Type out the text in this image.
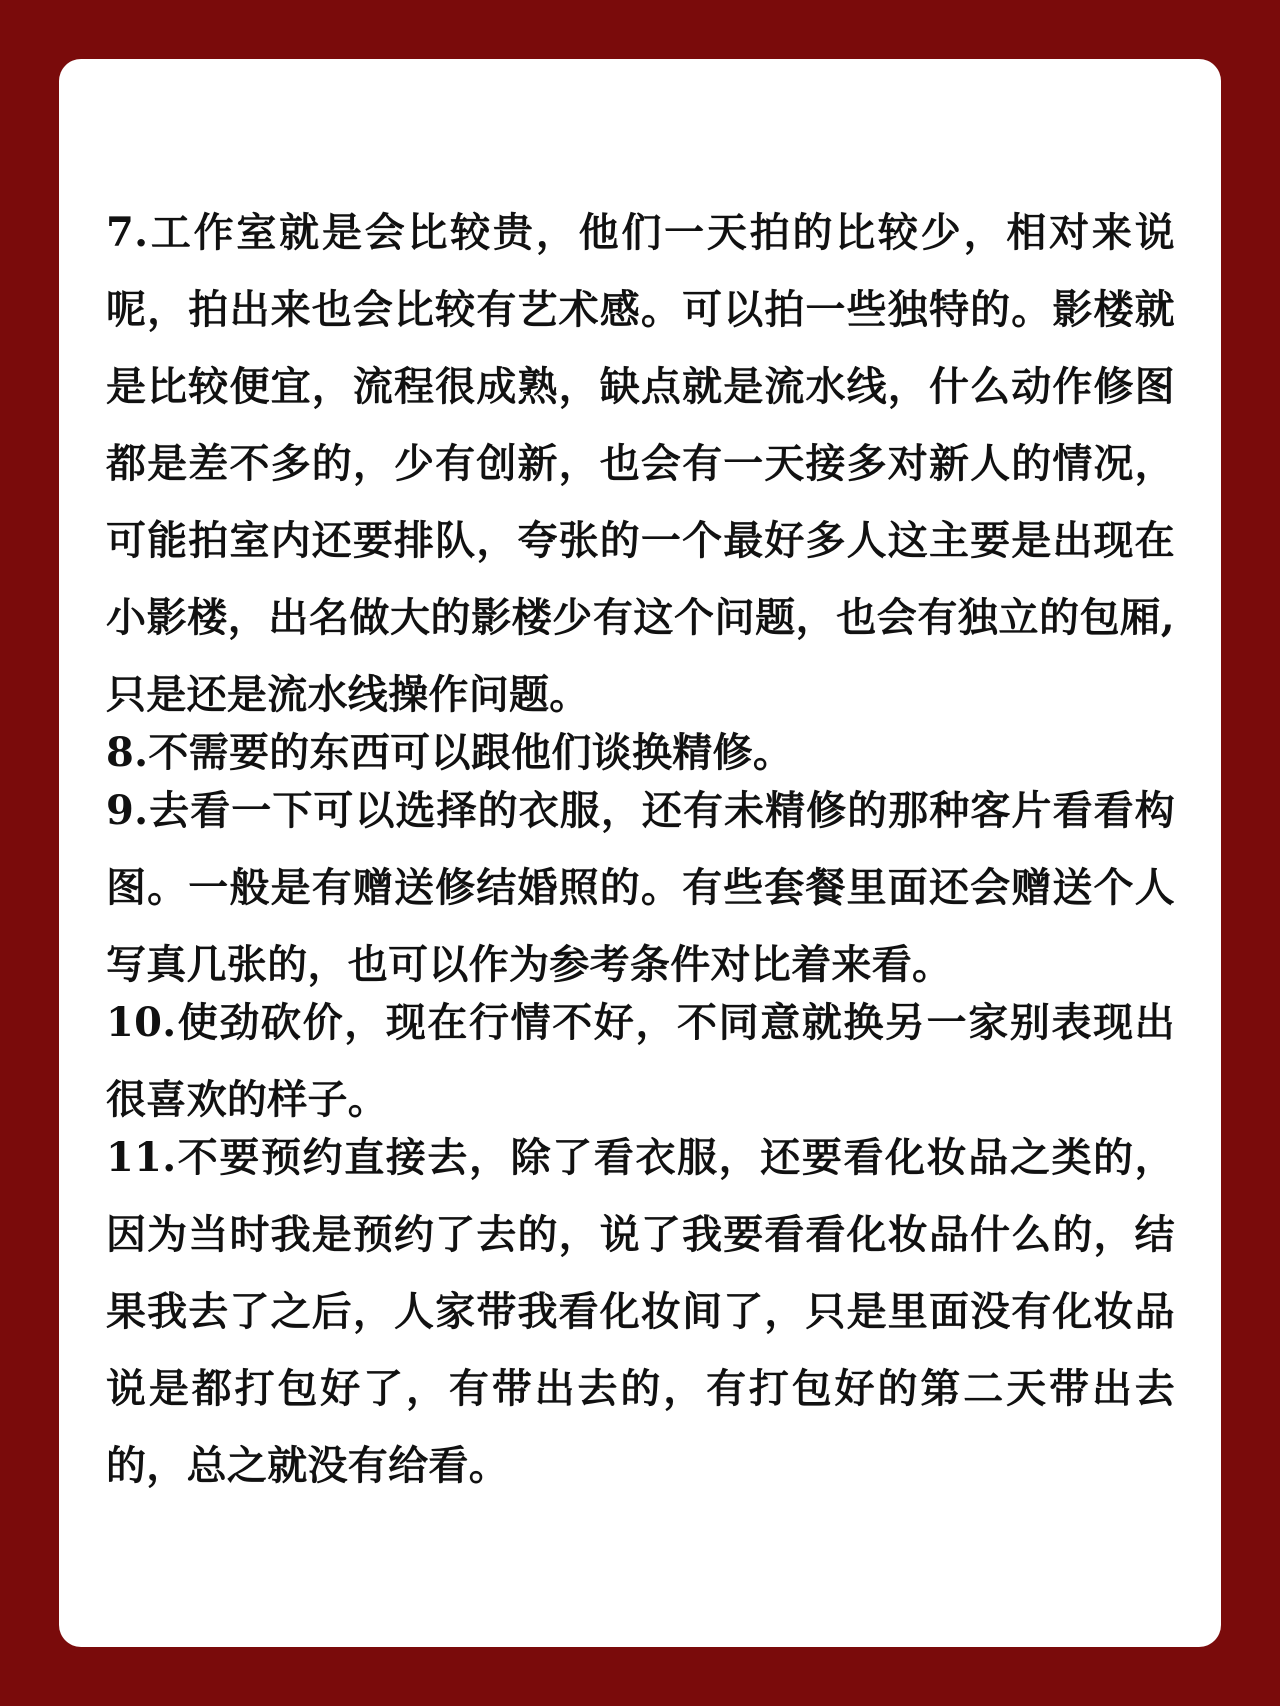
7.工作室就是会比较贵，他们一天拍的比较少，相对来说呢，拍出来也会比较有艺术感。可以拍一些独特的。影楼就是比较便宜，流程很成熟，缺点就是流水线，什么动作修图都是差不多的，少有创新，也会有一天接多对新人的情况，可能拍室内还要排队，夸张的一个最好多人这主要是出现在小影楼，出名做大的影楼少有这个问题，也会有独立的包厢,只是还是流水线操作问题。

8.不需要的东西可以跟他们谈换精修。

9.去看一下可以选择的衣服，还有未精修的那种客片看看构图。一般是有赠送修结婚照的。有些套餐里面还会赠送个人写真几张的，也可以作为参考条件对比着来看。

10.使劲砍价，现在行情不好，不同意就换另一家别表现出很喜欢的样子。

11.不要预约直接去，除了看衣服，还要看化妆品之类的，因为当时我是预约了去的，说了我要看看化妆品什么的，结果我去了之后，人家带我看化妆间了，只是里面没有化妆品说是都打包好了，有带出去的，有打包好的第二天带出去的，总之就没有给看。
